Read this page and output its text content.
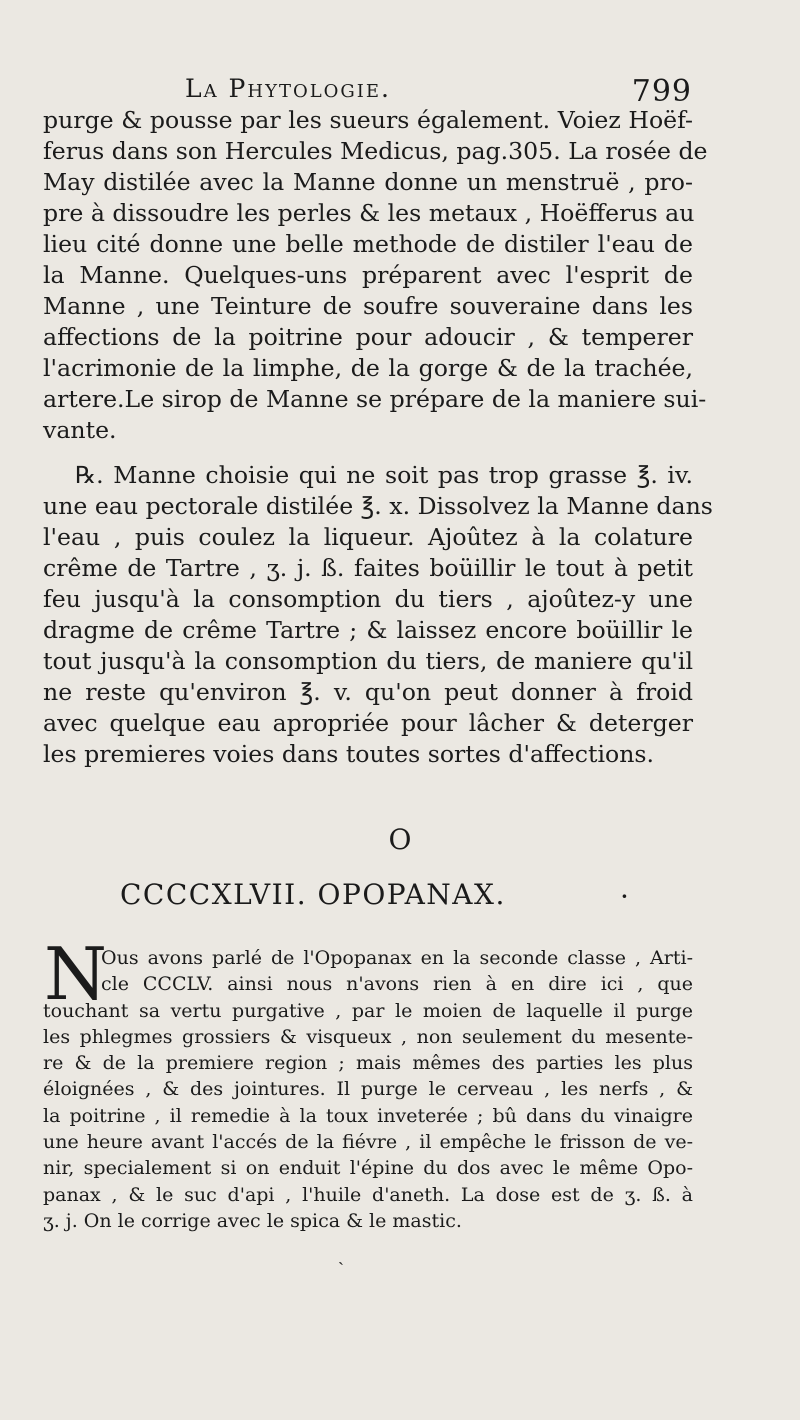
La Phytologie.	799
purge & pousse par les sueurs également. Voiez Hoëf-
ferus dans son Hercules Medicus, pag.305. La rosée de
May distilée avec la Manne donne un menstruë , pro-
pre à dissoudre les perles & les metaux , Hoëfferus au
lieu cité donne une belle methode de distiler l'eau de
la Manne. Quelques-uns préparent avec l'esprit de
Manne , une Teinture de soufre souveraine dans les
affections de la poitrine pour adoucir , & temperer
l'acrimonie de la limphe, de la gorge & de la trachée,
artere.Le sirop de Manne se prépare de la maniere sui-
vante.
℞. Manne choisie qui ne soit pas trop grasse ℥. iv.
une eau pectorale distilée ℥. x. Dissolvez la Manne dans
l'eau , puis coulez la liqueur. Ajoûtez à la colature
crême de Tartre , ʒ. j. ß. faites boüillir le tout à petit
feu jusqu'à la consomption du tiers , ajoûtez-y une
dragme de crême Tartre ; & laissez encore boüillir le
tout jusqu'à la consomption du tiers, de maniere qu'il
ne reste qu'environ ℥. v. qu'on peut donner à froid
avec quelque eau apropriée pour lâcher & deterger
les premieres voies dans toutes sortes d'affections.
O
CCCCXLVII. OPOPANAX.	·
N
Ous avons parlé de l'Opopanax en la seconde classe , Arti-
cle CCCLV. ainsi nous n'avons rien à en dire ici , que
touchant sa vertu purgative , par le moien de laquelle il purge
les phlegmes grossiers & visqueux , non seulement du mesente-
re & de la premiere region ; mais mêmes des parties les plus
éloignées , & des jointures. Il purge le cerveau , les nerfs , &
la poitrine , il remedie à la toux inveterée ; bû dans du vinaigre
une heure avant l'accés de la fiévre , il empêche le frisson de ve-
nir, specialement si on enduit l'épine du dos avec le même Opo-
panax , & le suc d'api , l'huile d'aneth. La dose est de ʒ. ß. à
ʒ. j. On le corrige avec le spica & le mastic.
ˎ
